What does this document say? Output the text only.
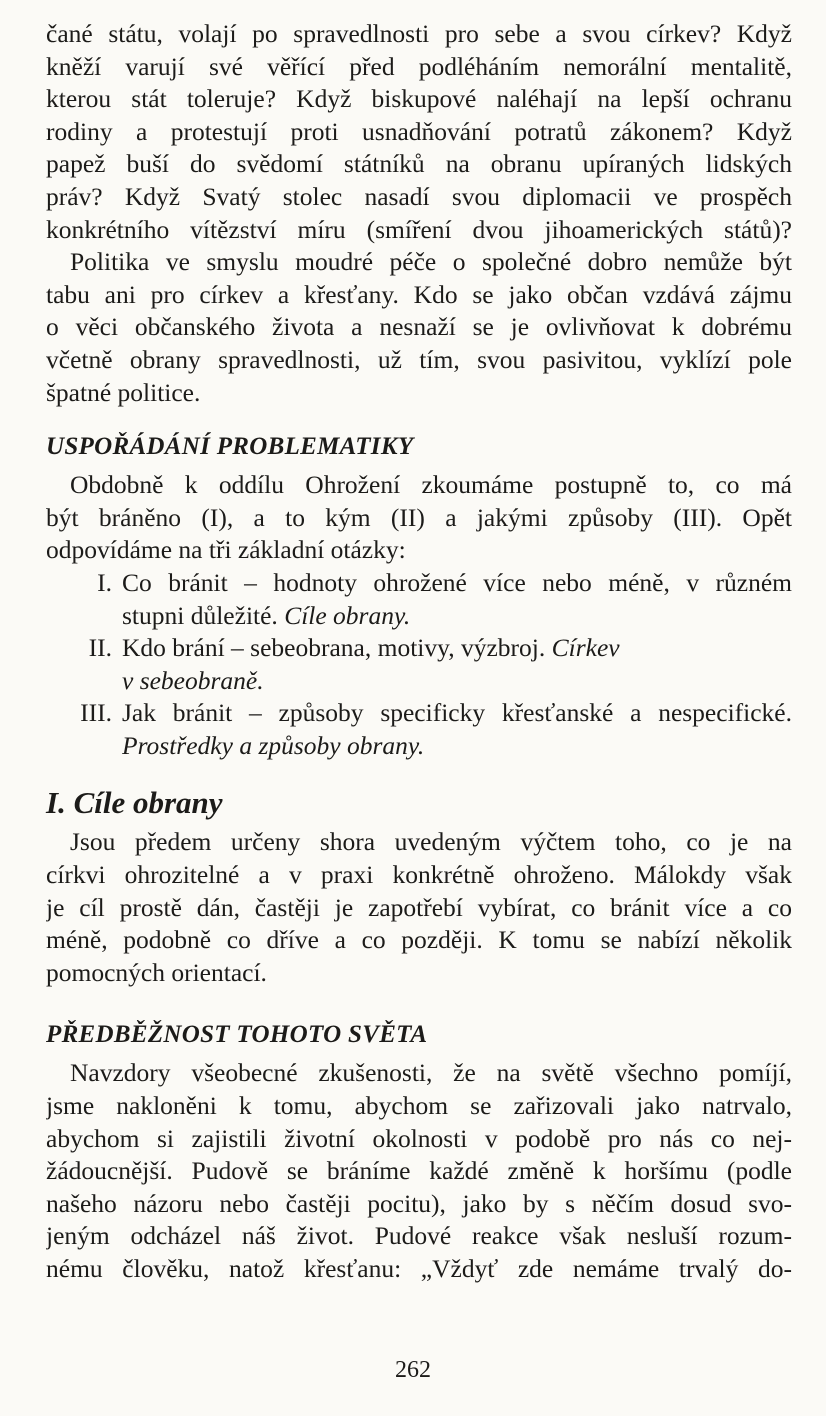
čané státu, volají po spravedlnosti pro sebe a svou církev? Když
kněží varují své věřící před podléháním nemorální mentalitě,
kterou stát toleruje? Když biskupové naléhají na lepší ochranu
rodiny a protestují proti usnadňování potratů zákonem? Když
papež buší do svědomí státníků na obranu upíraných lidských
práv? Když Svatý stolec nasadí svou diplomacii ve prospěch
konkrétního vítězství míru (smíření dvou jihoamerických států)?

Politika ve smyslu moudré péče o společné dobro nemůže být
tabu ani pro církev a křesťany. Kdo se jako občan vzdává zájmu
o věci občanského života a nesnaží se je ovlivňovat k dobrému
včetně obrany spravedlnosti, už tím, svou pasivitou, vyklízí pole
špatné politice.

USPOŘÁDÁNÍ PROBLEMATIKY

Obdobně k oddílu Ohrožení zkoumáme postupně to, co má
být bráněno (I), a to kým (II) a jakými způsoby (III). Opět
odpovídáme na tři základní otázky:

I. Co bránit – hodnoty ohrožené více nebo méně, v různém
stupni důležité. Cíle obrany.
II. Kdo brání – sebeobrana, motivy, výzbroj. Církev
v sebeobraně.
III. Jak bránit – způsoby specificky křesťanské a nespecifické.
Prostředky a způsoby obrany.
I. Cíle obrany

Jsou předem určeny shora uvedeným výčtem toho, co je na
církvi ohrozitelné a v praxi konkrétně ohroženo. Málokdy však
je cíl prostě dán, častěji je zapotřebí vybírat, co bránit více a co
méně, podobně co dříve a co později. K tomu se nabízí několik
pomocných orientací.

PŘEDBĚŽNOST TOHOTO SVĚTA

Navzdory všeobecné zkušenosti, že na světě všechno pomíjí,
jsme nakloněni k tomu, abychom se zařizovali jako natrvalo,
abychom si zajistili životní okolnosti v podobě pro nás co nej-
žádoucnější. Pudově se bráníme každé změně k horšímu (podle
našeho názoru nebo častěji pocitu), jako by s něčím dosud svo-
jeným odcházel náš život. Pudové reakce však nesluší rozum-
nému člověku, natož křesťanu: „Vždyť zde nemáme trvalý do-

262
